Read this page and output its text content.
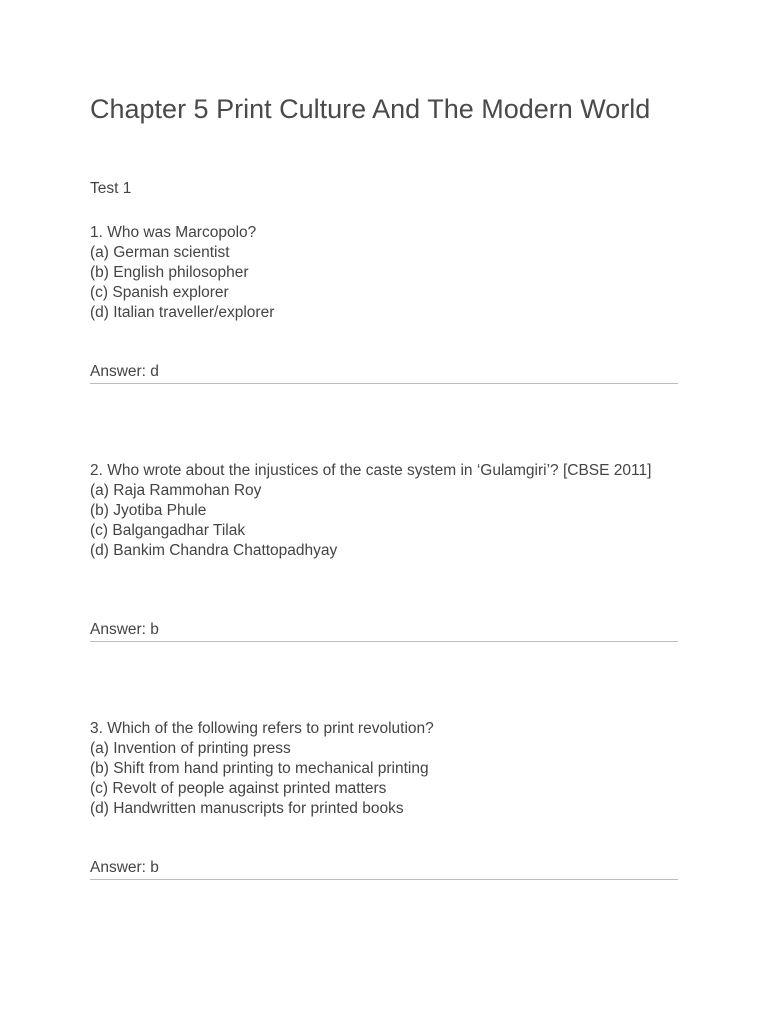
Chapter 5 Print Culture And The Modern World

Test 1

1. Who was Marcopolo?

(a) German scientist

(b) English philosopher

(c) Spanish explorer

(d) Italian traveller/explorer

Answer: d

2. Who wrote about the injustices of the caste system in ‘Gulamgiri’? [CBSE 2011]

(a) Raja Rammohan Roy

(b) Jyotiba Phule

(c) Balgangadhar Tilak

(d) Bankim Chandra Chattopadhyay

Answer: b

3. Which of the following refers to print revolution?

(a) Invention of printing press

(b) Shift from hand printing to mechanical printing

(c) Revolt of people against printed matters

(d) Handwritten manuscripts for printed books

Answer: b
